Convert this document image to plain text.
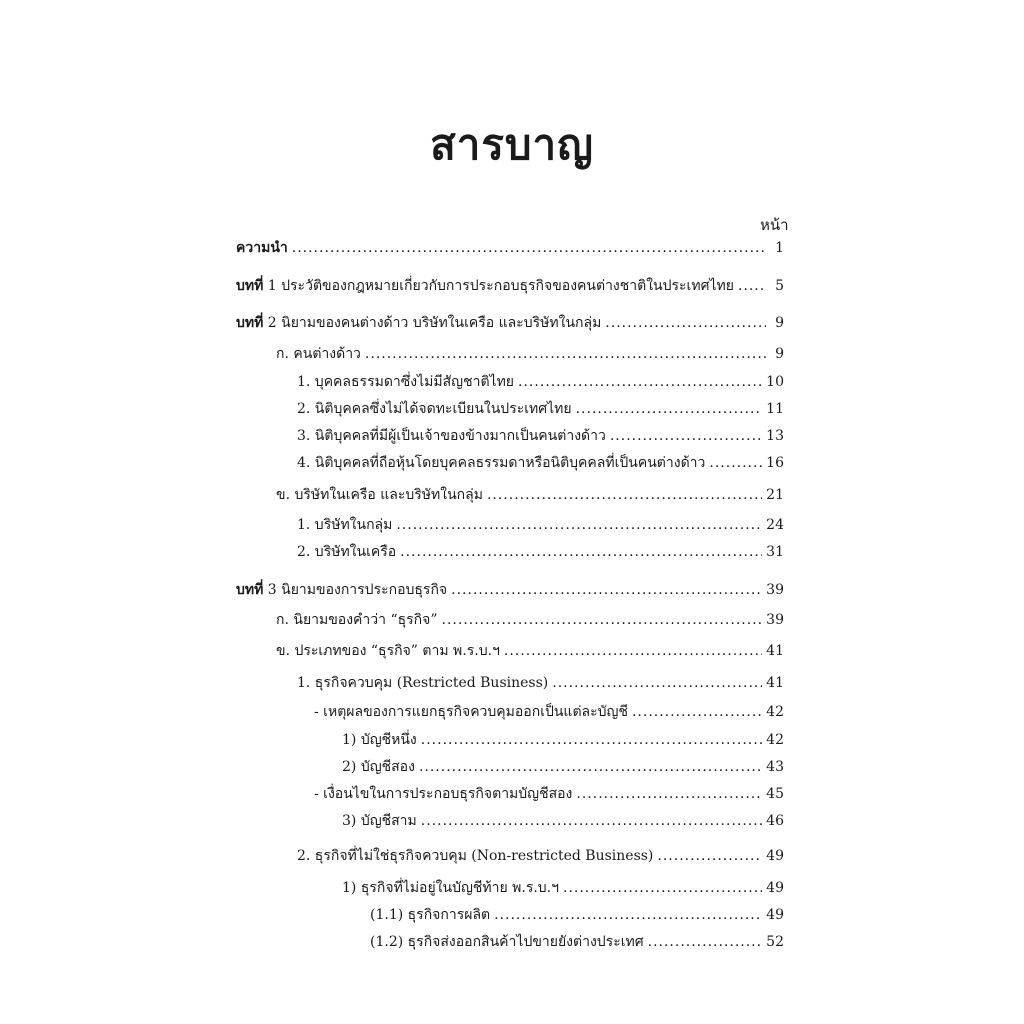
สารบาญ
หน้า
ความนำ .....	1
บทที่ 1 ประวัติของกฎหมายเกี่ยวกับการประกอบธุรกิจของคนต่างชาติในประเทศไทย .....	5
บทที่ 2 นิยามของคนต่างด้าว บริษัทในเครือ และบริษัทในกลุ่ม .....	9
ก. คนต่างด้าว .....	9
1. บุคคลธรรมดาซึ่งไม่มีสัญชาติไทย .....	10
2. นิติบุคคลซึ่งไม่ได้จดทะเบียนในประเทศไทย .....	11
3. นิติบุคคลที่มีผู้เป็นเจ้าของข้างมากเป็นคนต่างด้าว .....	13
4. นิติบุคคลที่ถือหุ้นโดยบุคคลธรรมดาหรือนิติบุคคลที่เป็นคนต่างด้าว .....	16
ข. บริษัทในเครือ และบริษัทในกลุ่ม .....	21
1. บริษัทในกลุ่ม .....	24
2. บริษัทในเครือ .....	31
บทที่ 3 นิยามของการประกอบธุรกิจ .....	39
ก. นิยามของคำว่า “ธุรกิจ” .....	39
ข. ประเภทของ “ธุรกิจ” ตาม พ.ร.บ.ฯ .....	41
1. ธุรกิจควบคุม (Restricted Business) .....	41
- เหตุผลของการแยกธุรกิจควบคุมออกเป็นแต่ละบัญชี .....	42
1) บัญชีหนึ่ง .....	42
2) บัญชีสอง .....	43
- เงื่อนไขในการประกอบธุรกิจตามบัญชีสอง .....	45
3) บัญชีสาม .....	46
2. ธุรกิจที่ไม่ใช่ธุรกิจควบคุม (Non-restricted Business) .....	49
1) ธุรกิจที่ไม่อยู่ในบัญชีท้าย พ.ร.บ.ฯ .....	49
(1.1) ธุรกิจการผลิต .....	49
(1.2) ธุรกิจส่งออกสินค้าไปขายยังต่างประเทศ .....	52
